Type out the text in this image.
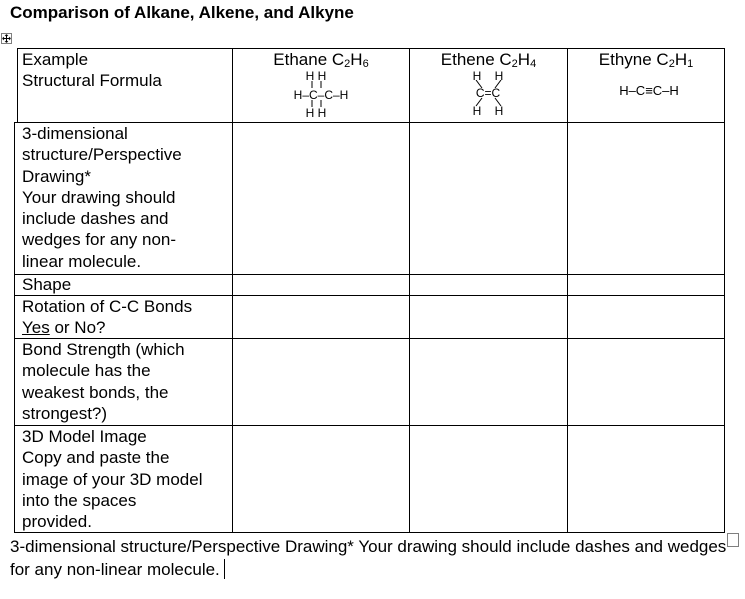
Comparison of Alkane, Alkene, and Alkyne
Example
Structural Formula
Ethane C2H6	Ethene C2H4	Ethyne C2H1
H H
H–C–C–H
H H
H    H
C=C
H    H
H–C≡C–H
3-dimensional
structure/Perspective
Drawing*
Your drawing should
include dashes and
wedges for any non-
linear molecule.
Shape
Rotation of C-C Bonds
Yes or No?
Bond Strength (which
molecule has the
weakest bonds, the
strongest?)
3D Model Image
Copy and paste the
image of your 3D model
into the spaces
provided.
3-dimensional structure/Perspective Drawing* Your drawing should include dashes and wedges for any non-linear molecule.
